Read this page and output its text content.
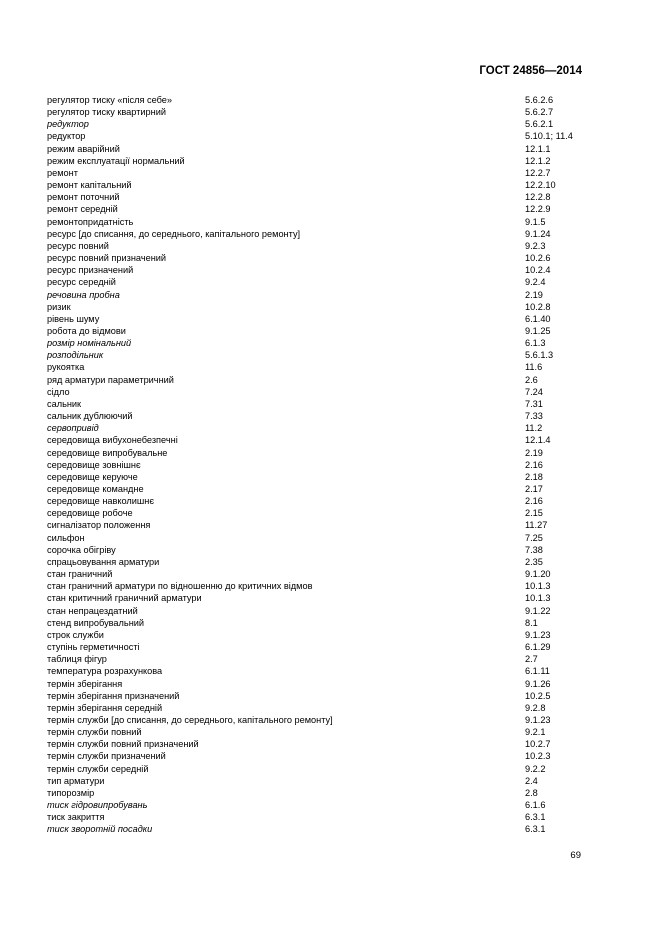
ГОСТ 24856—2014
регулятор тиску «після себе»	5.6.2.6
регулятор тиску квартирний	5.6.2.7
редуктор	5.6.2.1
редуктор	5.10.1; 11.4
режим аварійний	12.1.1
режим експлуатації нормальний	12.1.2
ремонт	12.2.7
ремонт капітальний	12.2.10
ремонт поточний	12.2.8
ремонт середній	12.2.9
ремонтопридатність	9.1.5
ресурс [до списання, до середнього, капітального ремонту]	9.1.24
ресурс повний	9.2.3
ресурс повний призначений	10.2.6
ресурс призначений	10.2.4
ресурс середній	9.2.4
речовина пробна	2.19
ризик	10.2.8
рівень шуму	6.1.40
робота до відмови	9.1.25
розмір номінальний	6.1.3
розподільник	5.6.1.3
рукоятка	11.6
ряд арматури параметричний	2.6
сідло	7.24
сальник	7.31
сальник дублюючий	7.33
сервопривід	11.2
середовища вибухонебезпечні	12.1.4
середовище випробувальне	2.19
середовище зовнішнє	2.16
середовище керуюче	2.18
середовище командне	2.17
середовище навколишнє	2.16
середовище робоче	2.15
сигналізатор положення	11.27
сильфон	7.25
сорочка обігріву	7.38
спрацьовування арматури	2.35
стан граничний	9.1.20
стан граничний арматури по відношенню до критичних відмов	10.1.3
стан критичний граничний арматури	10.1.3
стан непрацездатний	9.1.22
стенд випробувальний	8.1
строк служби	9.1.23
ступінь герметичності	6.1.29
таблиця фігур	2.7
температура розрахункова	6.1.11
термін зберігання	9.1.26
термін зберігання призначений	10.2.5
термін зберігання середній	9.2.8
термін служби [до списання, до середнього, капітального ремонту]	9.1.23
термін служби повний	9.2.1
термін служби повний призначений	10.2.7
термін служби призначений	10.2.3
термін служби середній	9.2.2
тип арматури	2.4
типорозмір	2.8
тиск гідровипробувань	6.1.6
тиск закриття	6.3.1
тиск зворотній посадки	6.3.1
69
